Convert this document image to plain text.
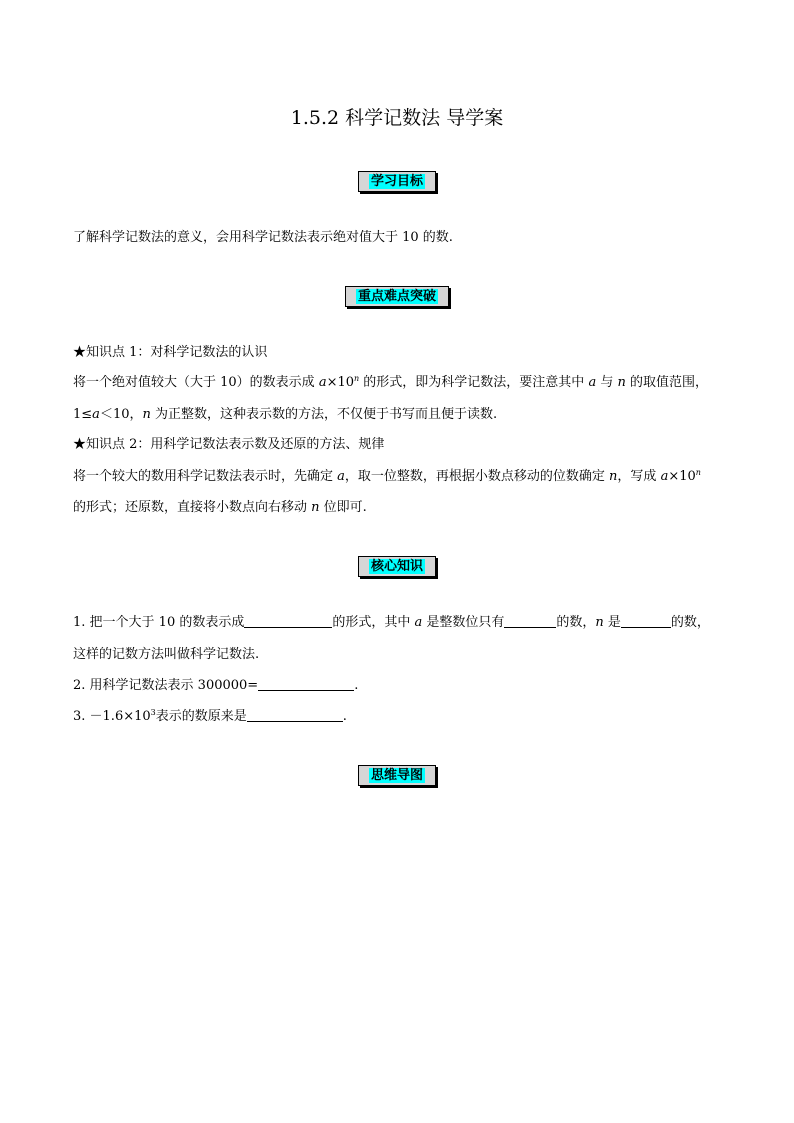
1.5.2 科学记数法 导学案
学习目标
了解科学记数法的意义，会用科学记数法表示绝对值大于 10 的数.
重点难点突破
★知识点 1：对科学记数法的认识
将一个绝对值较大（大于 10）的数表示成 $a\times 10^n$ 的形式，即为科学记数法，要注意其中 a 与 n 的取值范围，
1≤a＜10，n 为正整数，这种表示数的方法，不仅便于书写而且便于读数.
★知识点 2：用科学记数法表示数及还原的方法、规律
将一个较大的数用科学记数法表示时，先确定 a，取一位整数，再根据小数点移动的位数确定 n，写成 $a\times 10^n$
的形式；还原数，直接将小数点向右移动 n 位即可.
核心知识
1. 把一个大于 10 的数表示成	的形式，其中 a 是整数位只有	的数，n 是	的数，
这样的记数方法叫做科学记数法.
2. 用科学记数法表示 300000=	.
3. $-1.6\times 10^3$表示的数原来是	.
思维导图
